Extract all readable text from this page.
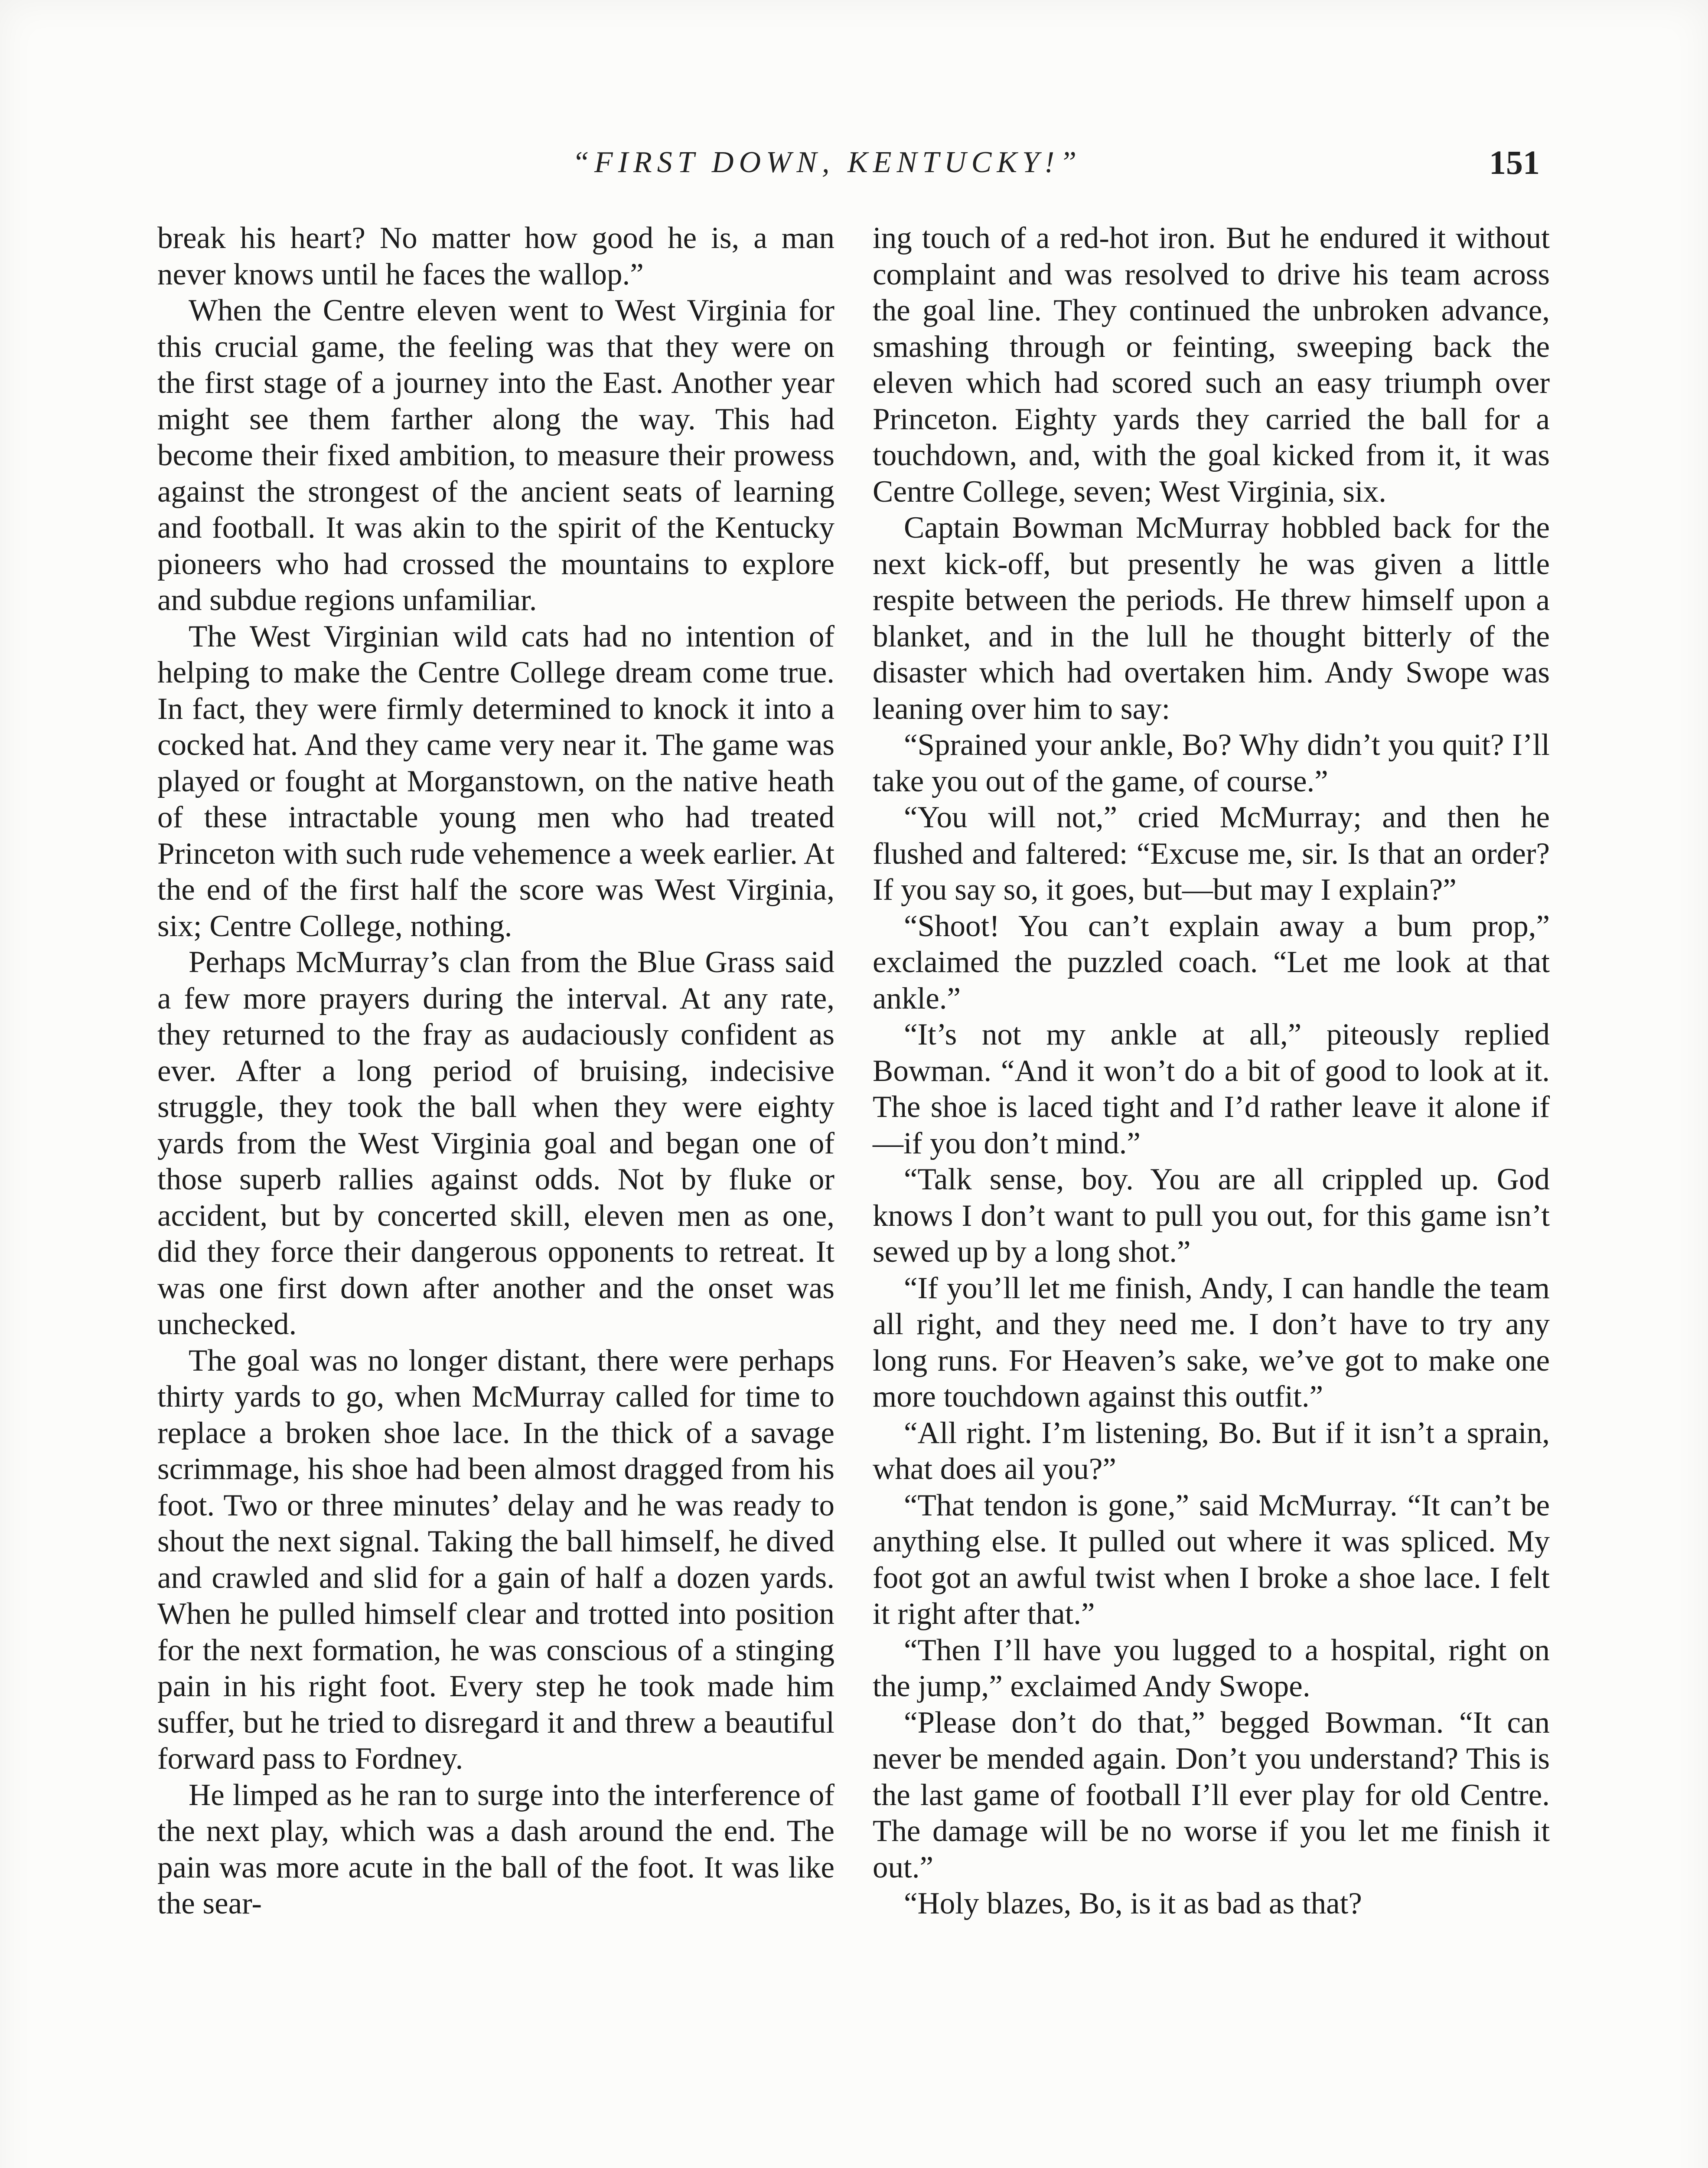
“FIRST DOWN, KENTUCKY!”	151

break his heart? No matter how good he is, a man never knows until he faces the wallop.”

When the Centre eleven went to West Virginia for this crucial game, the feeling was that they were on the first stage of a journey into the East. Another year might see them farther along the way. This had become their fixed ambition, to measure their prowess against the strongest of the ancient seats of learning and football. It was akin to the spirit of the Kentucky pioneers who had crossed the mountains to explore and subdue regions unfamiliar.

The West Virginian wild cats had no intention of helping to make the Centre College dream come true. In fact, they were firmly determined to knock it into a cocked hat. And they came very near it. The game was played or fought at Morganstown, on the native heath of these intractable young men who had treated Princeton with such rude vehemence a week earlier. At the end of the first half the score was West Virginia, six; Centre College, nothing.

Perhaps McMurray’s clan from the Blue Grass said a few more prayers during the interval. At any rate, they returned to the fray as audaciously confident as ever. After a long period of bruising, indecisive struggle, they took the ball when they were eighty yards from the West Virginia goal and began one of those superb rallies against odds. Not by fluke or accident, but by concerted skill, eleven men as one, did they force their dangerous opponents to retreat. It was one first down after another and the onset was unchecked.

The goal was no longer distant, there were perhaps thirty yards to go, when McMurray called for time to replace a broken shoe lace. In the thick of a savage scrimmage, his shoe had been almost dragged from his foot. Two or three minutes’ delay and he was ready to shout the next signal. Taking the ball himself, he dived and crawled and slid for a gain of half a dozen yards. When he pulled himself clear and trotted into position for the next formation, he was conscious of a stinging pain in his right foot. Every step he took made him suffer, but he tried to disregard it and threw a beautiful forward pass to Fordney.

He limped as he ran to surge into the interference of the next play, which was a dash around the end. The pain was more acute in the ball of the foot. It was like the sear-

ing touch of a red-hot iron. But he endured it without complaint and was resolved to drive his team across the goal line. They continued the unbroken advance, smashing through or feinting, sweeping back the eleven which had scored such an easy triumph over Princeton. Eighty yards they carried the ball for a touchdown, and, with the goal kicked from it, it was Centre College, seven; West Virginia, six.

Captain Bowman McMurray hobbled back for the next kick-off, but presently he was given a little respite between the periods. He threw himself upon a blanket, and in the lull he thought bitterly of the disaster which had overtaken him. Andy Swope was leaning over him to say:

“Sprained your ankle, Bo? Why didn’t you quit? I’ll take you out of the game, of course.”

“You will not,” cried McMurray; and then he flushed and faltered: “Excuse me, sir. Is that an order? If you say so, it goes, but—but may I explain?”

“Shoot! You can’t explain away a bum prop,” exclaimed the puzzled coach. “Let me look at that ankle.”

“It’s not my ankle at all,” piteously replied Bowman. “And it won’t do a bit of good to look at it. The shoe is laced tight and I’d rather leave it alone if—if you don’t mind.”

“Talk sense, boy. You are all crippled up. God knows I don’t want to pull you out, for this game isn’t sewed up by a long shot.”

“If you’ll let me finish, Andy, I can handle the team all right, and they need me. I don’t have to try any long runs. For Heaven’s sake, we’ve got to make one more touchdown against this outfit.”

“All right. I’m listening, Bo. But if it isn’t a sprain, what does ail you?”

“That tendon is gone,” said McMurray. “It can’t be anything else. It pulled out where it was spliced. My foot got an awful twist when I broke a shoe lace. I felt it right after that.”

“Then I’ll have you lugged to a hospital, right on the jump,” exclaimed Andy Swope.

“Please don’t do that,” begged Bowman. “It can never be mended again. Don’t you understand? This is the last game of football I’ll ever play for old Centre. The damage will be no worse if you let me finish it out.”

“Holy blazes, Bo, is it as bad as that?
